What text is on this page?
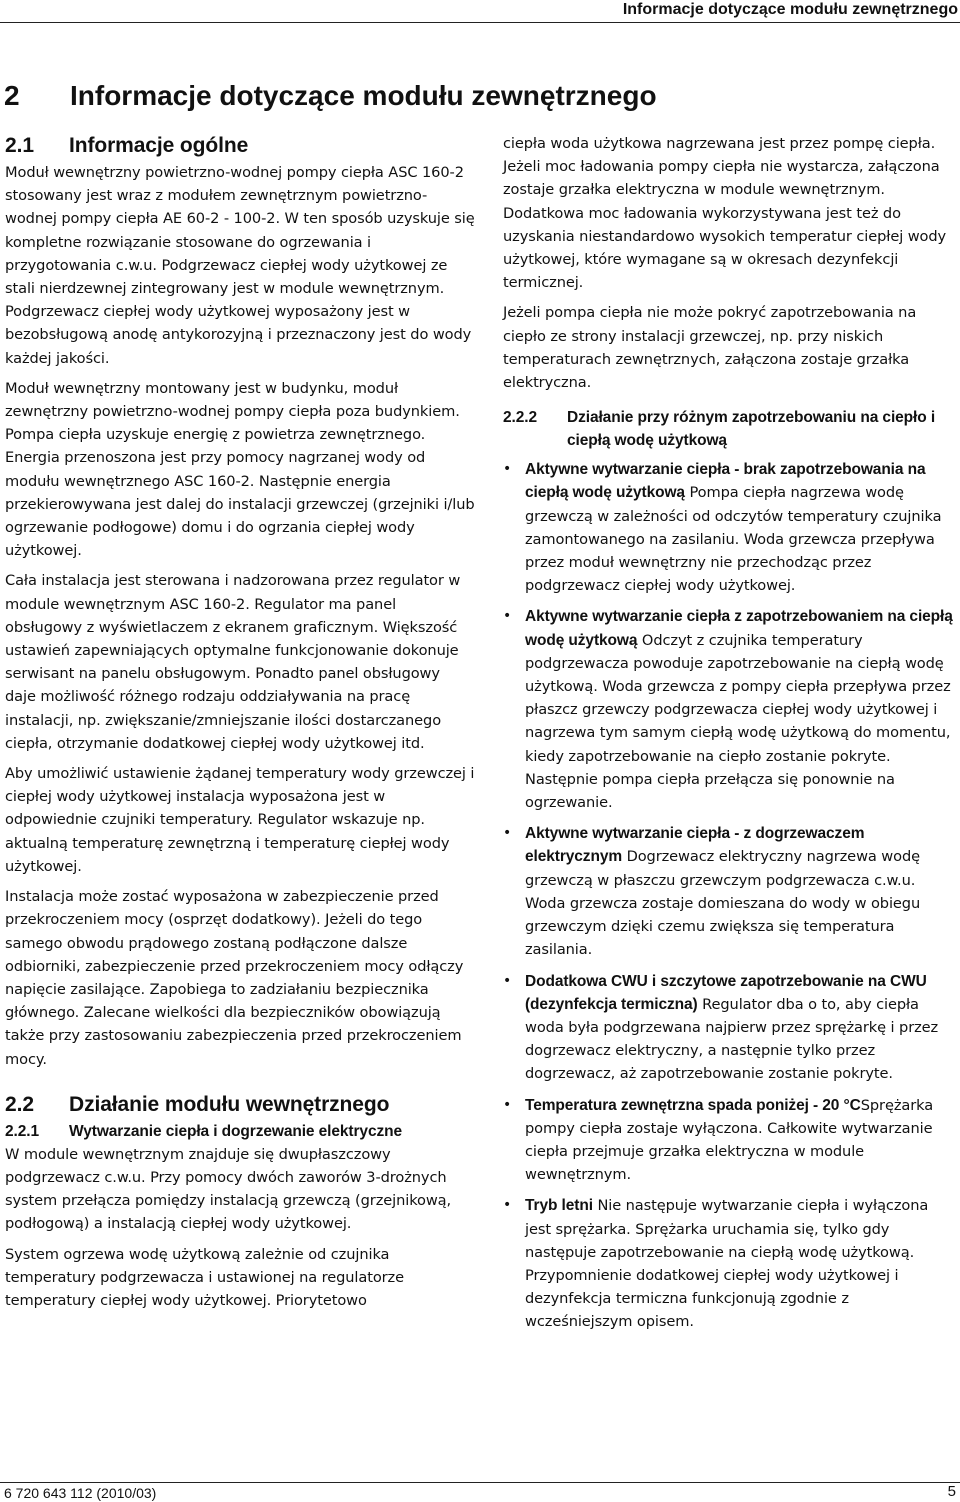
Informacje dotyczące modułu zewnętrznego
2 Informacje dotyczące modułu zewnętrznego
2.1 Informacje ogólne

Moduł wewnętrzny powietrzno-wodnej pompy ciepła ASC 160-2 stosowany jest wraz z modułem zewnętrznym powietrzno-wodnej pompy ciepła AE 60-2 - 100-2. W ten sposób uzyskuje się kompletne rozwiązanie stosowane do ogrzewania i przygotowania c.w.u. Podgrzewacz ciepłej wody użytkowej ze stali nierdzewnej zintegrowany jest w module wewnętrznym. Podgrzewacz ciepłej wody użytkowej wyposażony jest w bezobsługową anodę antykorozyjną i przeznaczony jest do wody każdej jakości.

Moduł wewnętrzny montowany jest w budynku, moduł zewnętrzny powietrzno-wodnej pompy ciepła poza budynkiem. Pompa ciepła uzyskuje energię z powietrza zewnętrznego. Energia przenoszona jest przy pomocy nagrzanej wody od modułu wewnętrznego ASC 160-2. Następnie energia przekierowywana jest dalej do instalacji grzewczej (grzejniki i/lub ogrzewanie podłogowe) domu i do ogrzania ciepłej wody użytkowej.

Cała instalacja jest sterowana i nadzorowana przez regulator w module wewnętrznym ASC 160-2. Regulator ma panel obsługowy z wyświetlaczem z ekranem graficznym. Większość ustawień zapewniających optymalne funkcjonowanie dokonuje serwisant na panelu obsługowym. Ponadto panel obsługowy daje możliwość różnego rodzaju oddziaływania na pracę instalacji, np. zwiększanie/zmniejszanie ilości dostarczanego ciepła, otrzymanie dodatkowej ciepłej wody użytkowej itd.

Aby umożliwić ustawienie żądanej temperatury wody grzewczej i ciepłej wody użytkowej instalacja wyposażona jest w odpowiednie czujniki temperatury. Regulator wskazuje np. aktualną temperaturę zewnętrzną i temperaturę ciepłej wody użytkowej.

Instalacja może zostać wyposażona w zabezpieczenie przed przekroczeniem mocy (osprzęt dodatkowy). Jeżeli do tego samego obwodu prądowego zostaną podłączone dalsze odbiorniki, zabezpieczenie przed przekroczeniem mocy odłączy napięcie zasilające. Zapobiega to zadziałaniu bezpiecznika głównego. Zalecane wielkości dla bezpieczników obowiązują także przy zastosowaniu zabezpieczenia przed przekroczeniem mocy.

2.2 Działanie modułu wewnętrznego
2.2.1 Wytwarzanie ciepła i dogrzewanie elektryczne

W module wewnętrznym znajduje się dwupłaszczowy podgrzewacz c.w.u. Przy pomocy dwóch zaworów 3-drożnych system przełącza pomiędzy instalacją grzewczą (grzejnikową, podłogową) a instalacją ciepłej wody użytkowej.

System ogrzewa wodę użytkową zależnie od czujnika temperatury podgrzewacza i ustawionej na regulatorze temperatury ciepłej wody użytkowej. Priorytetowo

ciepła woda użytkowa nagrzewana jest przez pompę ciepła. Jeżeli moc ładowania pompy ciepła nie wystarcza, załączona zostaje grzałka elektryczna w module wewnętrznym. Dodatkowa moc ładowania wykorzystywana jest też do uzyskania niestandardowo wysokich temperatur ciepłej wody użytkowej, które wymagane są w okresach dezynfekcji termicznej.

Jeżeli pompa ciepła nie może pokryć zapotrzebowania na ciepło ze strony instalacji grzewczej, np. przy niskich temperaturach zewnętrznych, załączona zostaje grzałka elektryczna.

2.2.2	Działanie przy różnym zapotrzebowaniu na ciepło i ciepłą wodę użytkową
• Aktywne wytwarzanie ciepła - brak zapotrzebowania na ciepłą wodę użytkową Pompa ciepła nagrzewa wodę grzewczą w zależności od odczytów temperatury czujnika zamontowanego na zasilaniu. Woda grzewcza przepływa przez moduł wewnętrzny nie przechodząc przez podgrzewacz ciepłej wody użytkowej.
• Aktywne wytwarzanie ciepła z zapotrzebowaniem na ciepłą wodę użytkową Odczyt z czujnika temperatury podgrzewacza powoduje zapotrzebowanie na ciepłą wodę użytkową. Woda grzewcza z pompy ciepła przepływa przez płaszcz grzewczy podgrzewacza ciepłej wody użytkowej i nagrzewa tym samym ciepłą wodę użytkową do momentu, kiedy zapotrzebowanie na ciepło zostanie pokryte. Następnie pompa ciepła przełącza się ponownie na ogrzewanie.
• Aktywne wytwarzanie ciepła - z dogrzewaczem elektrycznym Dogrzewacz elektryczny nagrzewa wodę grzewczą w płaszczu grzewczym podgrzewacza c.w.u. Woda grzewcza zostaje domieszana do wody w obiegu grzewczym dzięki czemu zwiększa się temperatura zasilania.
• Dodatkowa CWU i szczytowe zapotrzebowanie na CWU (dezynfekcja termiczna) Regulator dba o to, aby ciepła woda była podgrzewana najpierw przez sprężarkę i przez dogrzewacz elektryczny, a następnie tylko przez dogrzewacz, aż zapotrzebowanie zostanie pokryte.
• Temperatura zewnętrzna spada poniżej - 20 °CSprężarka pompy ciepła zostaje wyłączona. Całkowite wytwarzanie ciepła przejmuje grzałka elektryczna w module wewnętrznym.
• Tryb letni Nie następuje wytwarzanie ciepła i wyłączona jest sprężarka. Sprężarka uruchamia się, tylko gdy następuje zapotrzebowanie na ciepłą wodę użytkową. Przypomnienie dodatkowej ciepłej wody użytkowej i dezynfekcja termiczna funkcjonują zgodnie z wcześniejszym opisem.
6 720 643 112 (2010/03)	5
